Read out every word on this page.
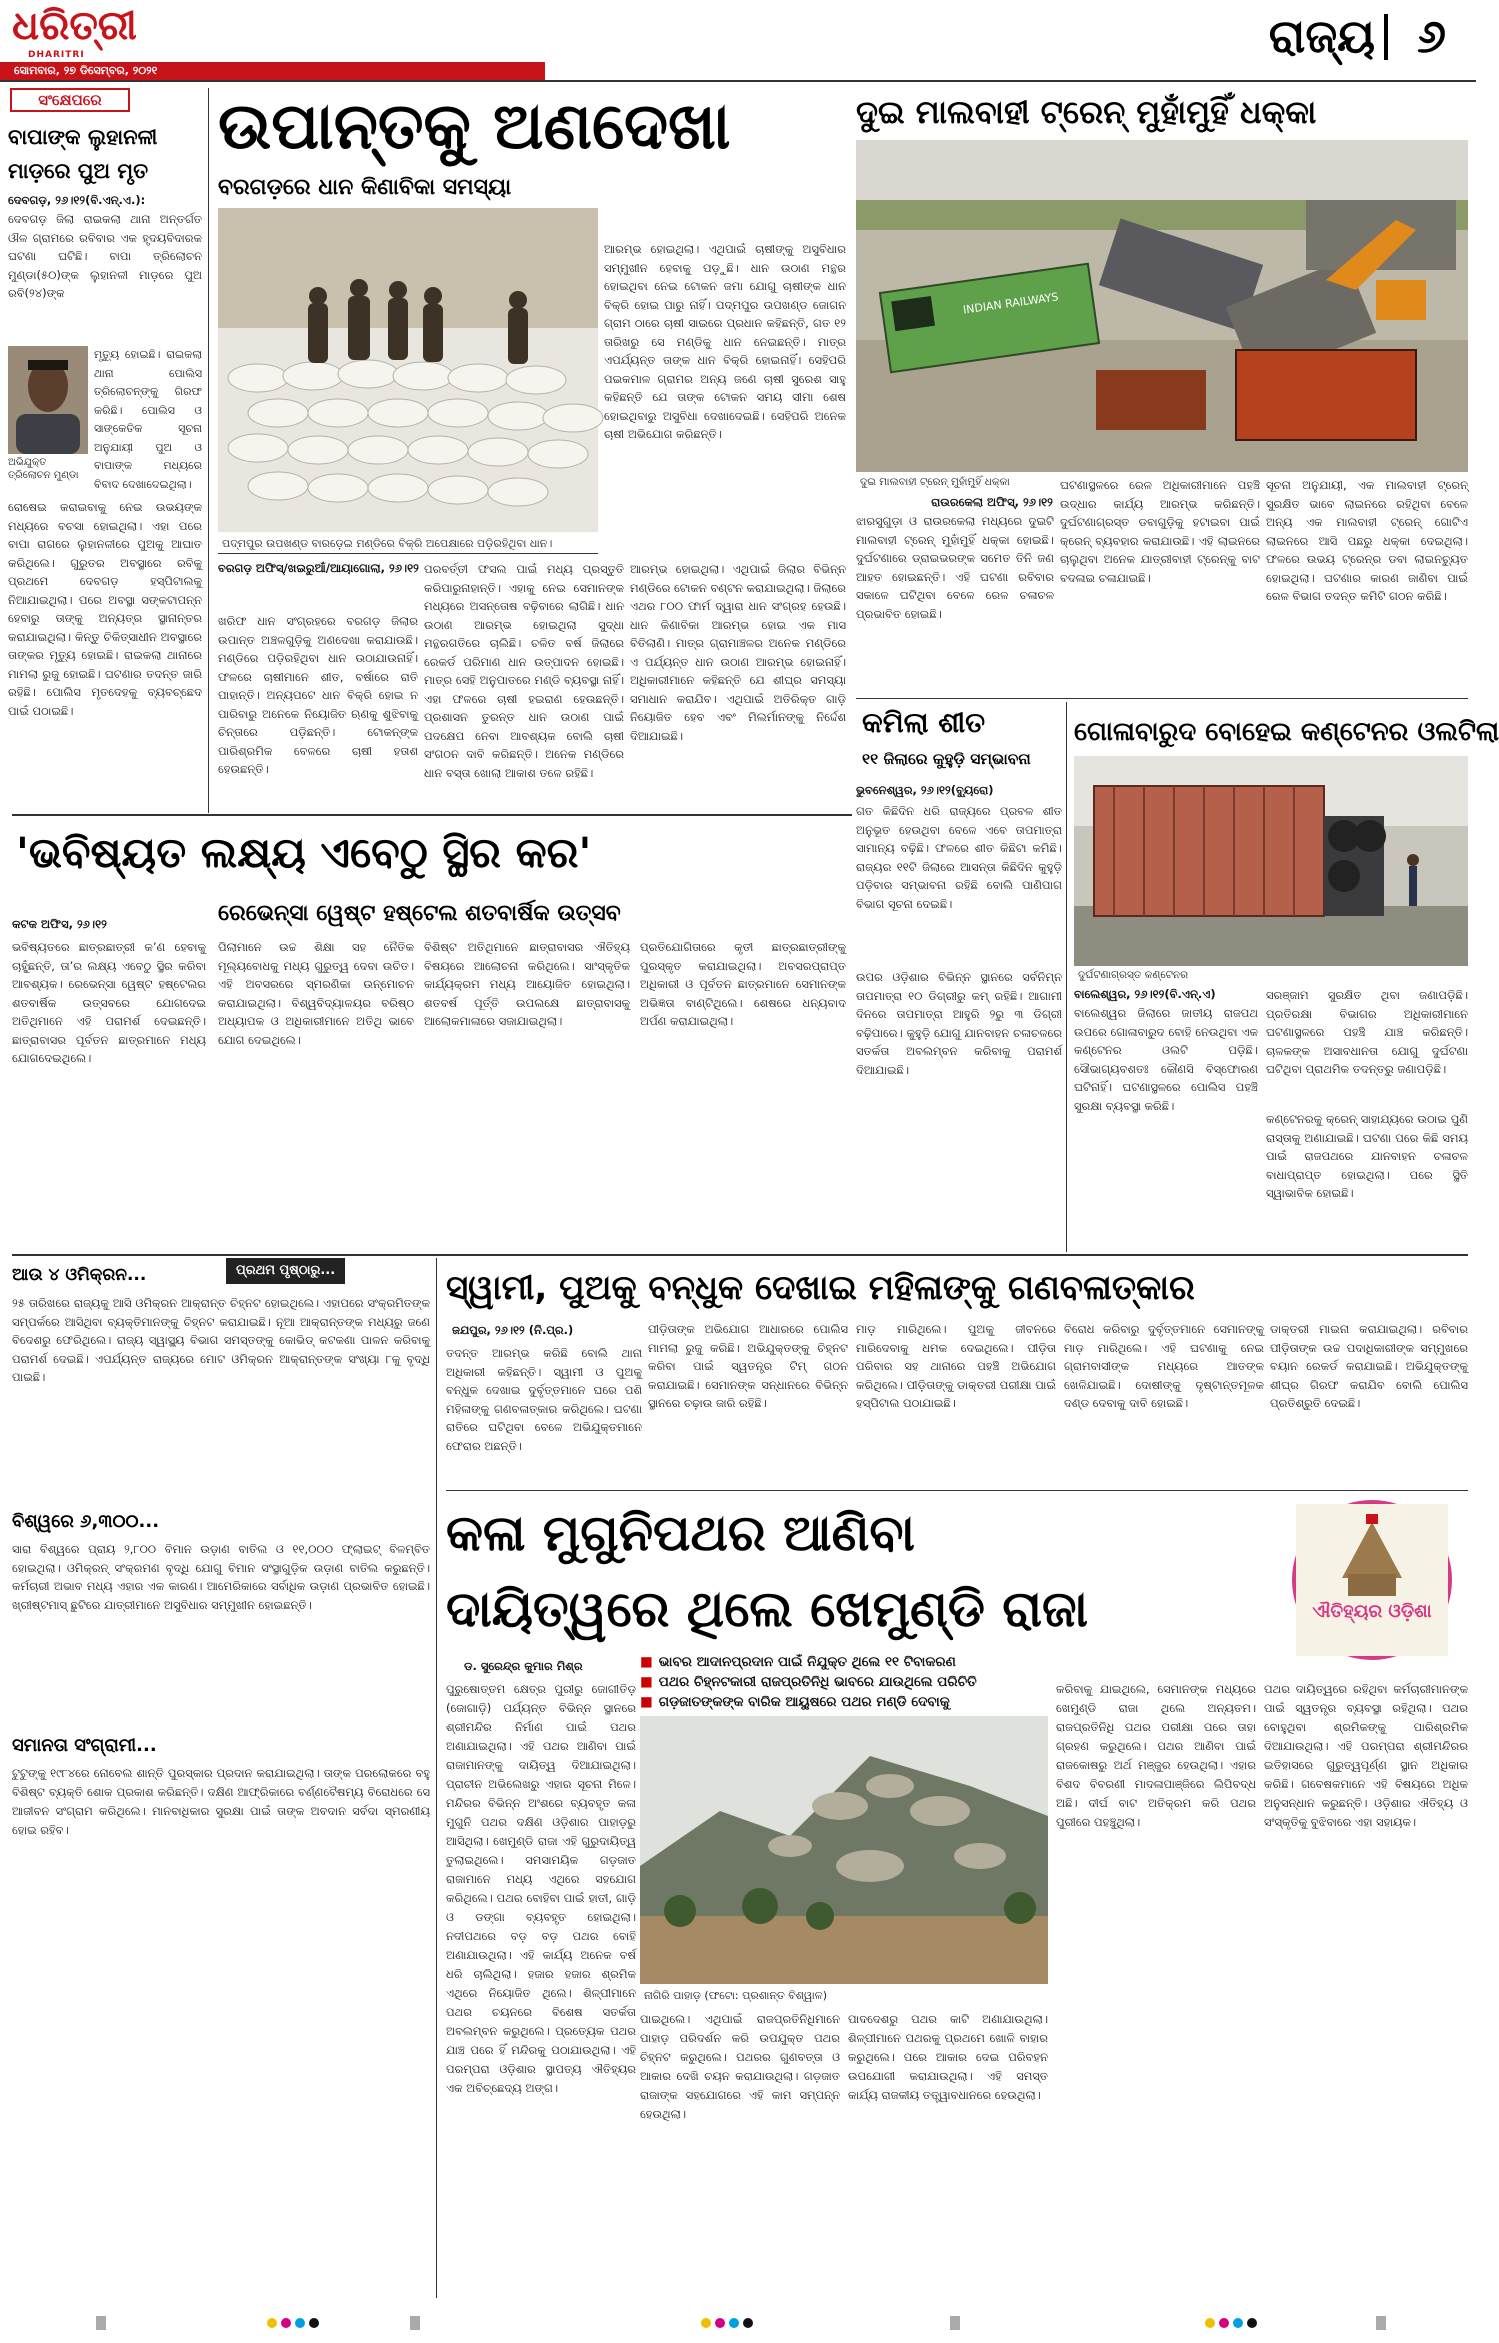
ଧରିତ୍ରୀ
DHARITRI
ସୋମବାର, ୨୭ ଡିସେମ୍ବର, ୨୦୨୧
ରାଜ୍ୟ ୬
ସଂକ୍ଷେପରେ
ବାପାଙ୍କ ଲୁହାନଳୀ ମାଡ଼ରେ ପୁଅ ମୃତ
ଦେବଗଡ଼, ୨୬।୧୨(ବି.ଏନ୍.ଏ.):
ଦେବଗଡ଼ ଜିଲା ରାଇକଲା ଥାନା ଅନ୍ତର୍ଗତ ଔଳ ଗ୍ରାମରେ ରବିବାର ଏକ ହୃଦୟବିଦାରକ ଘଟଣା ଘଟିଛି। ବାପା ତ୍ରିଲୋଚନ ମୁଣ୍ଡା(୫୦)ଙ୍କ ଲୁହାନଳୀ ମାଡ଼ରେ ପୁଅ ରବି(୨୪)ଙ୍କ
ମୃତ୍ୟୁ ହୋଇଛି। ରାଇକଲା ଥାନା ପୋଲିସ ତ୍ରିଲୋଚନ୍ଙ୍କୁ ଗିରଫ କରିଛି। ପୋଲିସ ଓ ସାଙ୍କେତିକ ସୂଚନା ଅନୁଯାୟୀ ପୁଅ ଓ ବାପାଙ୍କ ମଧ୍ୟରେ ବିବାଦ ଦେଖାଦେଇଥିଲା।
ଅଭିଯୁକ୍ତ ତ୍ରିଲୋଚନ ମୁଣ୍ଡା
ରୋଷେଇ କରାଇବାକୁ ନେଇ ଉଭୟଙ୍କ ମଧ୍ୟରେ ବଚସା ହୋଇଥିଲା। ଏହା ପରେ ବାପା ରାଗରେ ଲୁହାନଳୀରେ ପୁଅକୁ ଆଘାତ କରିଥିଲେ। ଗୁରୁତର ଅବସ୍ଥାରେ ରବିକୁ ପ୍ରଥମେ ଦେବଗଡ଼ ହସ୍ପିଟାଲକୁ ନିଆଯାଇଥିଲା। ପରେ ଅବସ୍ଥା ସଙ୍କଟାପନ୍ନ ହେବାରୁ ତାଙ୍କୁ ଅନ୍ୟତ୍ର ସ୍ଥାନାନ୍ତର କରାଯାଇଥିଲା। କିନ୍ତୁ ଚିକିତ୍ସାଧୀନ ଅବସ୍ଥାରେ ତାଙ୍କର ମୃତ୍ୟୁ ହୋଇଛି। ରାଇକଲା ଥାନାରେ ମାମଲା ରୁଜୁ ହୋଇଛି। ଘଟଣାର ତଦନ୍ତ ଜାରି ରହିଛି। ପୋଲିସ ମୃତଦେହକୁ ବ୍ୟବଚ୍ଛେଦ ପାଇଁ ପଠାଇଛି।
ଉପାନ୍ତକୁ ଅଣଦେଖା
ବରଗଡ଼ରେ ଧାନ କିଣାବିକା ସମସ୍ୟା
ପଦ୍ମପୁର ଉପଖଣ୍ଡ ବାରଡ଼େଇ ମଣ୍ଡିରେ ବିକ୍ରି ଅପେକ୍ଷାରେ ପଡ଼ିରହିଥିବା ଧାନ।
ଆରମ୍ଭ ହୋଇଥିଲା। ଏଥିପାଇଁ ଚାଷୀଙ୍କୁ ଅସୁବିଧାର ସମ୍ମୁଖୀନ ହେବାକୁ ପଡ଼ୁଛି। ଧାନ ଉଠାଣ ମନ୍ଥର ହୋଇଥିବା ନେଇ ଟୋକନ ଜମା ଯୋଗୁ ଚାଷୀଙ୍କ ଧାନ ବିକ୍ରି ହୋଇ ପାରୁ ନାହିଁ। ପଦ୍ମପୁର ଉପଖଣ୍ଡ ଜୋଗନ ଗ୍ରାମ ଠାରେ ଚାଷୀ ସାଇରେ ପ୍ରଧାନ କହିଛନ୍ତି, ଗତ ୧୨ ତାରିଖରୁ ସେ ମଣ୍ଡିକୁ ଧାନ ନେଇଛନ୍ତି। ମାତ୍ର ଏପର୍ଯ୍ୟନ୍ତ ତାଙ୍କ ଧାନ ବିକ୍ରି ହୋଇନାହିଁ। ସେହିପରି ପଇକମାଳ ଗ୍ରାମର ଅନ୍ୟ ଜଣେ ଚାଷୀ ସୁରେଶ ସାହୁ କହିଛନ୍ତି ଯେ ତାଙ୍କ ଟୋକନ ସମୟ ସୀମା ଶେଷ ହୋଇଥିବାରୁ ଅସୁବିଧା ଦେଖାଦେଇଛି। ସେହିପରି ଅନେକ ଚାଷୀ ଅଭିଯୋଗ କରିଛନ୍ତି।
ବରଗଡ଼ ଅଫିସ୍/ଖଇରୁଆଁ/ଆୟାଗୋଲା, ୨୬।୧୨
ଖରିଫ ଧାନ ସଂଗ୍ରହରେ ବରଗଡ଼ ଜିଲାର ଉପାନ୍ତ ଅଞ୍ଚଳଗୁଡ଼ିକୁ ଅଣଦେଖା କରାଯାଉଛି। ମଣ୍ଡିରେ ପଡ଼ିରହିଥିବା ଧାନ ଉଠାଯାଉନାହିଁ। ଫଳରେ ଚାଷୀମାନେ ଶୀତ, ବର୍ଷାରେ ରାତି ପାହାନ୍ତି। ଅନ୍ୟପଟେ ଧାନ ବିକ୍ରି ହୋଇ ନ ପାରିବାରୁ ଅନେକେ ନିୟୋଜିତ ଋଣକୁ ଶୁଝିବାକୁ ଚିନ୍ତାରେ ପଡ଼ିଛନ୍ତି। ଟୋକନ୍ଙ୍କ ପାରିଶ୍ରମିକ ବେଳରେ ଚାଷୀ ହତାଶ ହେଉଛନ୍ତି।
ପରବର୍ତ୍ତୀ ଫସଲ ପାଇଁ ମଧ୍ୟ ପ୍ରସ୍ତୁତି କରିପାରୁନାହାନ୍ତି। ଏହାକୁ ନେଇ ସେମାନଙ୍କ ମଧ୍ୟରେ ଅସନ୍ତୋଷ ବଢ଼ିବାରେ ଲାଗିଛି। ଧାନ ଉଠାଣ ଆରମ୍ଭ ହୋଇଥିଲା ସୁଦ୍ଧା ମନ୍ଥରଗତିରେ ଚାଲିଛି। ଚଳିତ ବର୍ଷ ଜିଲାରେ ରେକର୍ଡ ପରିମାଣ ଧାନ ଉତ୍ପାଦନ ହୋଇଛି। ମାତ୍ର ସେହି ଅନୁପାତରେ ମଣ୍ଡି ବ୍ୟବସ୍ଥା ନାହିଁ। ଏହା ଫଳରେ ଚାଷୀ ହଇରାଣ ହେଉଛନ୍ତି। ପ୍ରଶାସନ ତୁରନ୍ତ ଧାନ ଉଠାଣ ପାଇଁ ପଦକ୍ଷେପ ନେବା ଆବଶ୍ୟକ ବୋଲି ଚାଷୀ ସଂଗଠନ ଦାବି କରିଛନ୍ତି। ଅନେକ ମଣ୍ଡିରେ ଧାନ ବସ୍ତା ଖୋଲା ଆକାଶ ତଳେ ରହିଛି।
ଆରମ୍ଭ ହୋଇଥିଲା। ଏଥିପାଇଁ ଜିଲାର ବିଭିନ୍ନ ମଣ୍ଡିରେ ଟୋକନ ବଣ୍ଟନ କରାଯାଇଥିଲା। ଜିଲାରେ ଏଥର ୮୦୦ ଫାର୍ମ ଦ୍ୱାରା ଧାନ ସଂଗ୍ରହ ହେଉଛି। ଧାନ କିଣାବିକା ଆରମ୍ଭ ହୋଇ ଏକ ମାସ ବିତିଲାଣି। ମାତ୍ର ଗ୍ରାମାଞ୍ଚଳର ଅନେକ ମଣ୍ଡିରେ ଏ ପର୍ଯ୍ୟନ୍ତ ଧାନ ଉଠାଣ ଆରମ୍ଭ ହୋଇନାହିଁ। ଅଧିକାରୀମାନେ କହିଛନ୍ତି ଯେ ଶୀଘ୍ର ସମସ୍ୟା ସମାଧାନ କରାଯିବ। ଏଥିପାଇଁ ଅତିରିକ୍ତ ଗାଡ଼ି ନିୟୋଜିତ ହେବ ଏବଂ ମିଲର୍ମାନଙ୍କୁ ନିର୍ଦ୍ଦେଶ ଦିଆଯାଇଛି।
ଦୁଇ ମାଲବାହୀ ଟ୍ରେନ୍ ମୁହାଁମୁହିଁ ଧକ୍କା
INDIAN RAILWAYS
ଦୁଇ ମାଲବାହୀ ଟ୍ରେନ୍ ମୁହାଁମୁହିଁ ଧକ୍କା
ରାଉରକେଲା ଅଫିସ୍, ୨୬।୧୨
ଝାରସୁଗୁଡ଼ା ଓ ରାଉରକେଲା ମଧ୍ୟରେ ଦୁଇଟି ମାଲବାହୀ ଟ୍ରେନ୍ ମୁହାଁମୁହିଁ ଧକ୍କା ହୋଇଛି। ଦୁର୍ଘଟଣାରେ ଡ୍ରାଇଭରଙ୍କ ସମେତ ତିନି ଜଣ ଆହତ ହୋଇଛନ୍ତି। ଏହି ଘଟଣା ରବିବାର ସକାଳେ ଘଟିଥିବା ବେଳେ ରେଳ ଚଳାଚଳ ପ୍ରଭାବିତ ହୋଇଛି।
ଘଟଣାସ୍ଥଳରେ ରେଳ ଅଧିକାରୀମାନେ ପହଞ୍ଚି ଉଦ୍ଧାର କାର୍ଯ୍ୟ ଆରମ୍ଭ କରିଛନ୍ତି। ଦୁର୍ଘଟଣାଗ୍ରସ୍ତ ଡବାଗୁଡ଼ିକୁ ହଟାଇବା ପାଇଁ କ୍ରେନ୍ ବ୍ୟବହାର କରାଯାଉଛି। ଏହି ଲାଇନରେ ଚାଲୁଥିବା ଅନେକ ଯାତ୍ରୀବାହୀ ଟ୍ରେନ୍କୁ ବାଟ ବଦଳାଇ ଚଳାଯାଇଛି।
ସୂଚନା ଅନୁଯାୟୀ, ଏକ ମାଲବାହୀ ଟ୍ରେନ୍ ସୁରକ୍ଷିତ ଭାବେ ଲାଇନରେ ରହିଥିବା ବେଳେ ଅନ୍ୟ ଏକ ମାଲବାହୀ ଟ୍ରେନ୍ ଗୋଟିଏ ଲାଇନରେ ଆସି ପଛରୁ ଧକ୍କା ଦେଇଥିଲା। ଫଳରେ ଉଭୟ ଟ୍ରେନ୍ର ଡବା ଲାଇନଚ୍ୟୁତ ହୋଇଥିଲା। ଘଟଣାର କାରଣ ଜାଣିବା ପାଇଁ ରେଳ ବିଭାଗ ତଦନ୍ତ କମିଟି ଗଠନ କରିଛି।
କମିଲା ଶୀତ
୧୧ ଜିଲାରେ କୁହୁଡ଼ି ସମ୍ଭାବନା
ଭୁବନେଶ୍ୱର, ୨୬।୧୨(ବ୍ୟୁରୋ)
ଗତ କିଛିଦିନ ଧରି ରାଜ୍ୟରେ ପ୍ରବଳ ଶୀତ ଅନୁଭୂତ ହେଉଥିବା ବେଳେ ଏବେ ତାପମାତ୍ରା ସାମାନ୍ୟ ବଢ଼ିଛି। ଫଳରେ ଶୀତ କିଛିଟା କମିଛି। ରାଜ୍ୟର ୧୧ଟି ଜିଲାରେ ଆସନ୍ତା କିଛିଦିନ କୁହୁଡ଼ି ପଡ଼ିବାର ସମ୍ଭାବନା ରହିଛି ବୋଲି ପାଣିପାଗ ବିଭାଗ ସୂଚନା ଦେଇଛି।
ଉପର ଓଡ଼ିଶାର ବିଭିନ୍ନ ସ୍ଥାନରେ ସର୍ବନିମ୍ନ ତାପମାତ୍ରା ୧୦ ଡିଗ୍ରୀରୁ କମ୍ ରହିଛି। ଆଗାମୀ ଦିନରେ ତାପମାତ୍ରା ଆହୁରି ୨ରୁ ୩ ଡିଗ୍ରୀ ବଢ଼ିପାରେ। କୁହୁଡ଼ି ଯୋଗୁ ଯାନବାହନ ଚଳାଚଳରେ ସତର୍କତା ଅବଲମ୍ବନ କରିବାକୁ ପରାମର୍ଶ ଦିଆଯାଇଛି।
ଗୋଳାବାରୁଦ ବୋହେଇ କଣ୍ଟେନର ଓଲଟିଲା
ଦୁର୍ଘଟଣାଗ୍ରସ୍ତ କଣ୍ଟେନର
ବାଲେଶ୍ୱର, ୨୬।୧୨(ବି.ଏନ୍.ଏ)
ବାଲେଶ୍ୱର ଜିଲାରେ ଜାତୀୟ ରାଜପଥ ଉପରେ ଗୋଳାବାରୁଦ ବୋହି ନେଉଥିବା ଏକ କଣ୍ଟେନର ଓଲଟି ପଡ଼ିଛି। ସୌଭାଗ୍ୟବଶତଃ କୌଣସି ବିସ୍ଫୋରଣ ଘଟିନାହିଁ। ଘଟଣାସ୍ଥଳରେ ପୋଲିସ ପହଞ୍ଚି ସୁରକ୍ଷା ବ୍ୟବସ୍ଥା କରିଛି।
ସରଞ୍ଜାମ ସୁରକ୍ଷିତ ଥିବା ଜଣାପଡ଼ିଛି। ପ୍ରତିରକ୍ଷା ବିଭାଗର ଅଧିକାରୀମାନେ ଘଟଣାସ୍ଥଳରେ ପହଞ୍ଚି ଯାଞ୍ଚ କରିଛନ୍ତି। ଚାଳକଙ୍କ ଅସାବଧାନତା ଯୋଗୁ ଦୁର୍ଘଟଣା ଘଟିଥିବା ପ୍ରାଥମିକ ତଦନ୍ତରୁ ଜଣାପଡ଼ିଛି।
କଣ୍ଟେନରକୁ କ୍ରେନ୍ ସାହାଯ୍ୟରେ ଉଠାଇ ପୁଣି ରାସ୍ତାକୁ ଅଣାଯାଇଛି। ଘଟଣା ପରେ କିଛି ସମୟ ପାଇଁ ରାଜପଥରେ ଯାନବାହନ ଚଳାଚଳ ବାଧାପ୍ରାପ୍ତ ହୋଇଥିଲା। ପରେ ସ୍ଥିତି ସ୍ୱାଭାବିକ ହୋଇଛି।
'ଭବିଷ୍ୟତ ଲକ୍ଷ୍ୟ ଏବେଠୁ ସ୍ଥିର କର'
କଟକ ଅଫିସ, ୨୬।୧୨	ରେଭେନ୍ସା ୱେଷ୍ଟ ହଷ୍ଟେଲ ଶତବାର୍ଷିକ ଉତ୍ସବ
ଭବିଷ୍ୟତରେ ଛାତ୍ରଛାତ୍ରୀ କ’ଣ ହେବାକୁ ଚାହୁଁଛନ୍ତି, ତା’ର ଲକ୍ଷ୍ୟ ଏବେଠୁ ସ୍ଥିର କରିବା ଆବଶ୍ୟକ। ରେଭେନ୍ସା ୱେଷ୍ଟ ହଷ୍ଟେଲର ଶତବାର୍ଷିକ ଉତ୍ସବରେ ଯୋଗଦେଇ ଅତିଥିମାନେ ଏହି ପରାମର୍ଶ ଦେଇଛନ୍ତି। ଛାତ୍ରାବାସର ପୂର୍ବତନ ଛାତ୍ରମାନେ ମଧ୍ୟ ଯୋଗଦେଇଥିଲେ।
ପିଲାମାନେ ଉଚ୍ଚ ଶିକ୍ଷା ସହ ନୈତିକ ମୂଲ୍ୟବୋଧକୁ ମଧ୍ୟ ଗୁରୁତ୍ୱ ଦେବା ଉଚିତ। ଏହି ଅବସରରେ ସ୍ମରଣିକା ଉନ୍ମୋଚନ କରାଯାଇଥିଲା। ବିଶ୍ୱବିଦ୍ୟାଳୟର ବରିଷ୍ଠ ଅଧ୍ୟାପକ ଓ ଅଧିକାରୀମାନେ ଅତିଥି ଭାବେ ଯୋଗ ଦେଇଥିଲେ।
ବିଶିଷ୍ଟ ଅତିଥିମାନେ ଛାତ୍ରାବାସର ଐତିହ୍ୟ ବିଷୟରେ ଆଲୋଚନା କରିଥିଲେ। ସାଂସ୍କୃତିକ କାର୍ଯ୍ୟକ୍ରମ ମଧ୍ୟ ଆୟୋଜିତ ହୋଇଥିଲା। ଶତବର୍ଷ ପୂର୍ତ୍ତି ଉପଲକ୍ଷେ ଛାତ୍ରାବାସକୁ ଆଲୋକମାଳାରେ ସଜାଯାଇଥିଲା।
ପ୍ରତିଯୋଗିତାରେ କୃତୀ ଛାତ୍ରଛାତ୍ରୀଙ୍କୁ ପୁରସ୍କୃତ କରାଯାଇଥିଲା। ଅବସରପ୍ରାପ୍ତ ଅଧିକାରୀ ଓ ପୂର୍ବତନ ଛାତ୍ରମାନେ ସେମାନଙ୍କ ଅଭିଜ୍ଞତା ବାଣ୍ଟିଥିଲେ। ଶେଷରେ ଧନ୍ୟବାଦ ଅର୍ପଣ କରାଯାଇଥିଲା।
ଆଉ ୪ ଓମିକ୍ରନ...	ପ୍ରଥମ ପୃଷ୍ଠାରୁ...
୨୫ ତାରିଖରେ ରାଜ୍ୟକୁ ଆସି ଓମିକ୍ରନ ଆକ୍ରାନ୍ତ ଚିହ୍ନଟ ହୋଇଥିଲେ। ଏହାପରେ ସଂକ୍ରମିତଙ୍କ ସମ୍ପର୍କରେ ଆସିଥିବା ବ୍ୟକ୍ତିମାନଙ୍କୁ ଚିହ୍ନଟ କରାଯାଇଛି। ନୂଆ ଆକ୍ରାନ୍ତଙ୍କ ମଧ୍ୟରୁ ଜଣେ ବିଦେଶରୁ ଫେରିଥିଲେ। ରାଜ୍ୟ ସ୍ୱାସ୍ଥ୍ୟ ବିଭାଗ ସମସ୍ତଙ୍କୁ କୋଭିଡ୍ କଟକଣା ପାଳନ କରିବାକୁ ପରାମର୍ଶ ଦେଇଛି। ଏପର୍ଯ୍ୟନ୍ତ ରାଜ୍ୟରେ ମୋଟ ଓମିକ୍ରନ ଆକ୍ରାନ୍ତଙ୍କ ସଂଖ୍ୟା ୮କୁ ବୃଦ୍ଧି ପାଇଛି।
ବିଶ୍ୱରେ ୬,୩୦୦...
ସାରା ବିଶ୍ୱରେ ପ୍ରାୟ ୨,୮୦୦ ବିମାନ ଉଡ଼ାଣ ବାତିଲ ଓ ୧୧,୦୦୦ ଫ୍ଲାଇଟ୍ ବିଳମ୍ବିତ ହୋଇଥିଲା। ଓମିକ୍ରନ୍ ସଂକ୍ରମଣ ବୃଦ୍ଧି ଯୋଗୁ ବିମାନ ସଂସ୍ଥାଗୁଡ଼ିକ ଉଡ଼ାଣ ବାତିଲ କରୁଛନ୍ତି। କର୍ମଚାରୀ ଅଭାବ ମଧ୍ୟ ଏହାର ଏକ କାରଣ। ଆମେରିକାରେ ସର୍ବାଧିକ ଉଡ଼ାଣ ପ୍ରଭାବିତ ହୋଇଛି। ଖ୍ରୀଷ୍ଟମାସ୍ ଛୁଟିରେ ଯାତ୍ରୀମାନେ ଅସୁବିଧାର ସମ୍ମୁଖୀନ ହୋଇଛନ୍ତି।
ସମାନତା ସଂଗ୍ରାମୀ...
ଟୁଟୁଙ୍କୁ ୧୯୮୪ରେ ନୋବେଲ ଶାନ୍ତି ପୁରସ୍କାର ପ୍ରଦାନ କରାଯାଇଥିଲା। ତାଙ୍କ ପରଲୋକରେ ବହୁ ବିଶିଷ୍ଟ ବ୍ୟକ୍ତି ଶୋକ ପ୍ରକାଶ କରିଛନ୍ତି। ଦକ୍ଷିଣ ଆଫ୍ରିକାରେ ବର୍ଣ୍ଣବୈଷମ୍ୟ ବିରୋଧରେ ସେ ଆଜୀବନ ସଂଗ୍ରାମ କରିଥିଲେ। ମାନବାଧିକାର ସୁରକ୍ଷା ପାଇଁ ତାଙ୍କ ଅବଦାନ ସର୍ବଦା ସ୍ମରଣୀୟ ହୋଇ ରହିବ।
ସ୍ୱାମୀ, ପୁଅକୁ ବନ୍ଧୁକ ଦେଖାଇ ମହିଳାଙ୍କୁ ଗଣବଳାତ୍କାର
ଜଯପୁର, ୨୬।୧୨ (ନି.ପ୍ର.)
ତଦନ୍ତ ଆରମ୍ଭ କରିଛି ବୋଲି ଥାନା ଅଧିକାରୀ କହିଛନ୍ତି। ସ୍ୱାମୀ ଓ ପୁଅକୁ ବନ୍ଧୁକ ଦେଖାଇ ଦୁର୍ବୃତ୍ତମାନେ ଘରେ ପଶି ମହିଳାଙ୍କୁ ଗଣବଳାତ୍କାର କରିଥିଲେ। ଘଟଣା ରାତିରେ ଘଟିଥିବା ବେଳେ ଅଭିଯୁକ୍ତମାନେ ଫେରାର ଅଛନ୍ତି।
ପୀଡ଼ିତାଙ୍କ ଅଭିଯୋଗ ଆଧାରରେ ପୋଲିସ ମାମଲା ରୁଜୁ କରିଛି। ଅଭିଯୁକ୍ତଙ୍କୁ ଚିହ୍ନଟ କରିବା ପାଇଁ ସ୍ୱତନ୍ତ୍ର ଟିମ୍ ଗଠନ କରାଯାଇଛି। ସେମାନଙ୍କ ସନ୍ଧାନରେ ବିଭିନ୍ନ ସ୍ଥାନରେ ଚଢ଼ାଉ ଜାରି ରହିଛି।
ମାଡ଼ ମାରିଥିଲେ। ପୁଅକୁ ଜୀବନରେ ମାରିଦେବାକୁ ଧମକ ଦେଇଥିଲେ। ପୀଡ଼ିତା ପରିବାର ସହ ଥାନାରେ ପହଞ୍ଚି ଅଭିଯୋଗ କରିଥିଲେ। ପୀଡ଼ିତାଙ୍କୁ ଡାକ୍ତରୀ ପରୀକ୍ଷା ପାଇଁ ହସ୍ପିଟାଲ ପଠାଯାଇଛି।
ବିରୋଧ କରିବାରୁ ଦୁର୍ବୃତ୍ତମାନେ ସେମାନଙ୍କୁ ମାଡ଼ ମାରିଥିଲେ। ଏହି ଘଟଣାକୁ ନେଇ ଗ୍ରାମବାସୀଙ୍କ ମଧ୍ୟରେ ଆତଙ୍କ ଖେଳିଯାଇଛି। ଦୋଷୀଙ୍କୁ ଦୃଷ୍ଟାନ୍ତମୂଳକ ଦଣ୍ଡ ଦେବାକୁ ଦାବି ହୋଇଛି।
ଡାକ୍ତରୀ ମାଇନା କରାଯାଇଥିଲା। ରବିବାର ପୀଡ଼ିତାଙ୍କ ଉଚ୍ଚ ପଦାଧିକାରୀଙ୍କ ସମ୍ମୁଖରେ ବୟାନ ରେକର୍ଡ କରାଯାଇଛି। ଅଭିଯୁକ୍ତଙ୍କୁ ଶୀଘ୍ର ଗିରଫ କରାଯିବ ବୋଲି ପୋଲିସ ପ୍ରତିଶ୍ରୁତି ଦେଇଛି।
କଳା ମୁଗୁନିପଥର ଆଣିବା
ଦାୟିତ୍ୱରେ ଥିଲେ ଖେମୁଣ୍ଡି ରାଜା	ଐତିହ୍ୟର ଓଡ଼ିଶା
ଡ. ସୁରେନ୍ଦ୍ର କୁମାର ମିଶ୍ର
■	ଭାବର ଆଦାନପ୍ରଦାନ ପାଇଁ ନିଯୁକ୍ତ ଥିଲେ ୧୧ ଟିବାକରଣ
■ ପଥର ଚିହ୍ନଟକାରୀ ରାଜପ୍ରତିନିଧି ଭାବରେ ଯାଉଥିଲେ ପରିଚିତି
■ ଗଡ଼ଜାତଙ୍କଙ୍କ ବାରିକ ଆୟୁଷରେ ପଥର ମଣ୍ଡି ଦେବାକୁ
ନାଗିରି ପାହାଡ଼ (ଫଟୋ: ପ୍ରଶାନ୍ତ ବିଶ୍ୱାଳ)
ପୁରୁଷୋତ୍ତମ କ୍ଷେତ୍ର ପୁରୀରୁ ଜୋଗୀତିଡ଼ (ଜୋଗାଡ଼ି) ପର୍ଯ୍ୟନ୍ତ ବିଭିନ୍ନ ସ୍ଥାନରେ ଶ୍ରୀମନ୍ଦିର ନିର୍ମାଣ ପାଇଁ ପଥର ଅଣାଯାଇଥିଲା। ଏହି ପଥର ଆଣିବା ପାଇଁ ରାଜାମାନଙ୍କୁ ଦାୟିତ୍ୱ ଦିଆଯାଇଥିଲା। ପ୍ରାଚୀନ ଅଭିଲେଖରୁ ଏହାର ସୂଚନା ମିଳେ। ମନ୍ଦିରର ବିଭିନ୍ନ ଅଂଶରେ ବ୍ୟବହୃତ କଳା ମୁଗୁନି ପଥର ଦକ୍ଷିଣ ଓଡ଼ିଶାର ପାହାଡ଼ରୁ ଆସିଥିଲା। ଖେମୁଣ୍ଡି ରାଜା ଏହି ଗୁରୁଦାୟିତ୍ୱ ତୁଲାଇଥିଲେ। ସମସାମୟିକ ଗଡ଼ଜାତ ରାଜାମାନେ ମଧ୍ୟ ଏଥିରେ ସହଯୋଗ କରିଥିଲେ। ପଥର ବୋହିବା ପାଇଁ ହାତୀ, ଗାଡ଼ି ଓ ଡଙ୍ଗା ବ୍ୟବହୃତ ହୋଇଥିଲା। ନଦୀପଥରେ ବଡ଼ ବଡ଼ ପଥର ବୋହି ଅଣାଯାଉଥିଲା। ଏହି କାର୍ଯ୍ୟ ଅନେକ ବର୍ଷ ଧରି ଚାଲିଥିଲା। ହଜାର ହଜାର ଶ୍ରମିକ ଏଥିରେ ନିୟୋଜିତ ଥିଲେ। ଶିଳ୍ପୀମାନେ ପଥର ଚୟନରେ ବିଶେଷ ସତର୍କତା ଅବଲମ୍ବନ କରୁଥିଲେ। ପ୍ରତ୍ୟେକ ପଥର ଯାଞ୍ଚ ପରେ ହିଁ ମନ୍ଦିରକୁ ପଠାଯାଉଥିଲା। ଏହି ପରମ୍ପରା ଓଡ଼ିଶାର ସ୍ଥାପତ୍ୟ ଐତିହ୍ୟର ଏକ ଅବିଚ୍ଛେଦ୍ୟ ଅଙ୍ଗ।
ପାଇଥିଲେ। ଏଥିପାଇଁ ରାଜପ୍ରତିନିଧିମାନେ ପାହାଡ଼ ପରିଦର୍ଶନ କରି ଉପଯୁକ୍ତ ପଥର ଚିହ୍ନଟ କରୁଥିଲେ। ପଥରର ଗୁଣବତ୍ତା ଓ ଆକାର ଦେଖି ଚୟନ କରାଯାଉଥିଲା। ଗଡ଼ଜାତ ରାଜାଙ୍କ ସହଯୋଗରେ ଏହି କାମ ସମ୍ପନ୍ନ ହେଉଥିଲା।
ପାଦଦେଶରୁ ପଥର କାଟି ଅଣାଯାଉଥିଲା। ଶିଳ୍ପୀମାନେ ପଥରକୁ ପ୍ରଥମେ ଖୋଳି ବାହାର କରୁଥିଲେ। ପରେ ଆକାର ଦେଇ ପରିବହନ ଉପଯୋଗୀ କରାଯାଉଥିଲା। ଏହି ସମସ୍ତ କାର୍ଯ୍ୟ ରାଜକୀୟ ତତ୍ତ୍ୱାବଧାନରେ ହେଉଥିଲା।
କରିବାକୁ ଯାଇଥିଲେ, ସେମାନଙ୍କ ମଧ୍ୟରେ ଖେମୁଣ୍ଡି ରାଜା ଥିଲେ ଅନ୍ୟତମ। ରାଜପ୍ରତିନିଧି ପଥର ପରୀକ୍ଷା ପରେ ତାହା ଗ୍ରହଣ କରୁଥିଲେ। ପଥର ଆଣିବା ପାଇଁ ରାଜକୋଷରୁ ଅର୍ଥ ମଞ୍ଜୁର ହେଉଥିଲା। ଏହାର ବିଶଦ ବିବରଣୀ ମାଦଳାପାଞ୍ଜିରେ ଲିପିବଦ୍ଧ ଅଛି। ଦୀର୍ଘ ବାଟ ଅତିକ୍ରମ କରି ପଥର ପୁରୀରେ ପହଞ୍ଚୁଥିଲା।
ପଥର ଦାୟିତ୍ୱରେ ରହିଥିବା କର୍ମଚାରୀମାନଙ୍କ ପାଇଁ ସ୍ୱତନ୍ତ୍ର ବ୍ୟବସ୍ଥା ରହିଥିଲା। ପଥର ବୋହୁଥିବା ଶ୍ରମିକଙ୍କୁ ପାରିଶ୍ରମିକ ଦିଆଯାଉଥିଲା। ଏହି ପରମ୍ପରା ଶ୍ରୀମନ୍ଦିରର ଇତିହାସରେ ଗୁରୁତ୍ୱପୂର୍ଣ୍ଣ ସ୍ଥାନ ଅଧିକାର କରିଛି। ଗବେଷକମାନେ ଏହି ବିଷୟରେ ଅଧିକ ଅନୁସନ୍ଧାନ କରୁଛନ୍ତି। ଓଡ଼ିଶାର ଐତିହ୍ୟ ଓ ସଂସ୍କୃତିକୁ ବୁଝିବାରେ ଏହା ସହାୟକ।
